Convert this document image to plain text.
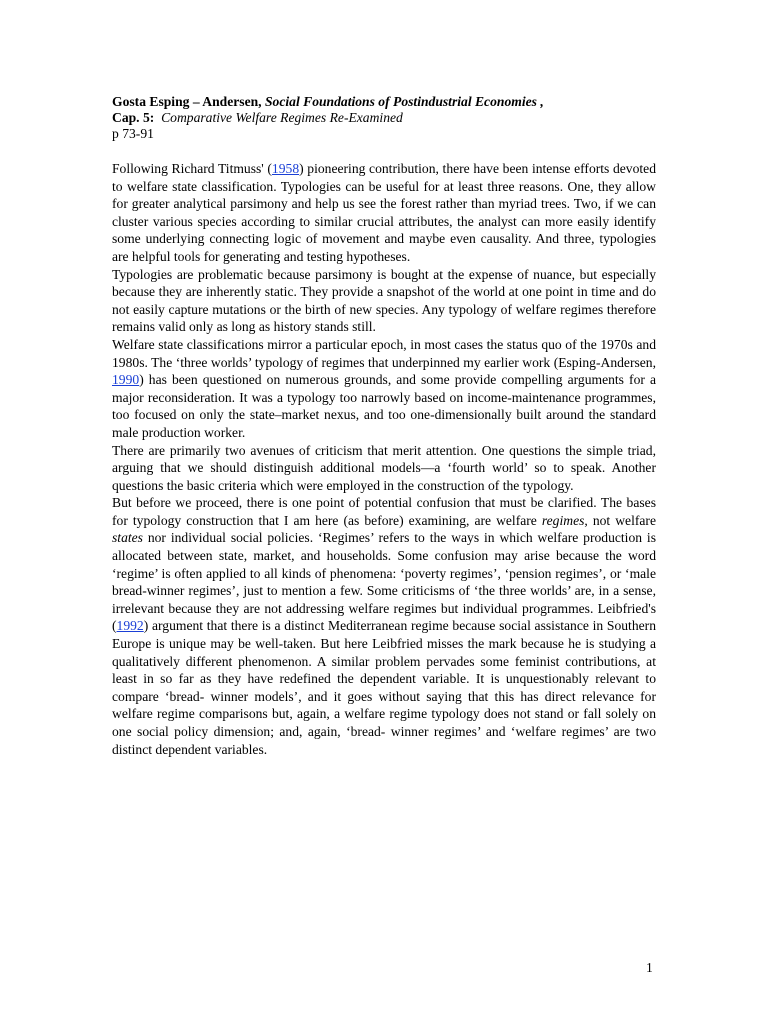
Gosta Esping – Andersen, Social Foundations of Postindustrial Economies ,
Cap. 5: Comparative Welfare Regimes Re-Examined
p 73-91

Following Richard Titmuss' (1958) pioneering contribution, there have been intense efforts devoted to welfare state classification. Typologies can be useful for at least three reasons. One, they allow for greater analytical parsimony and help us see the forest rather than myriad trees. Two, if we can cluster various species according to similar crucial attributes, the analyst can more easily identify some underlying connecting logic of movement and maybe even causality. And three, typologies are helpful tools for generating and testing hypotheses.

Typologies are problematic because parsimony is bought at the expense of nuance, but especially because they are inherently static. They provide a snapshot of the world at one point in time and do not easily capture mutations or the birth of new species. Any typology of welfare regimes therefore remains valid only as long as history stands still.

Welfare state classifications mirror a particular epoch, in most cases the status quo of the 1970s and 1980s. The ‘three worlds’ typology of regimes that underpinned my earlier work (Esping-Andersen, 1990) has been questioned on numerous grounds, and some provide compelling arguments for a major reconsideration. It was a typology too narrowly based on income-maintenance programmes, too focused on only the state–market nexus, and too one-dimensionally built around the standard male production worker.

There are primarily two avenues of criticism that merit attention. One questions the simple triad, arguing that we should distinguish additional models—a ‘fourth world’ so to speak. Another questions the basic criteria which were employed in the construction of the typology.

But before we proceed, there is one point of potential confusion that must be clarified. The bases for typology construction that I am here (as before) examining, are welfare regimes, not welfare states nor individual social policies. ‘Regimes’ refers to the ways in which welfare production is allocated between state, market, and households. Some confusion may arise because the word ‘regime’ is often applied to all kinds of phenomena: ‘poverty regimes’, ‘pension regimes’, or ‘male bread-winner regimes’, just to mention a few. Some criticisms of ‘the three worlds’ are, in a sense, irrelevant because they are not addressing welfare regimes but individual programmes. Leibfried's (1992) argument that there is a distinct Mediterranean regime because social assistance in Southern Europe is unique may be well-taken. But here Leibfried misses the mark because he is studying a qualitatively different phenomenon. A similar problem pervades some feminist contributions, at least in so far as they have redefined the dependent variable. It is unquestionably relevant to compare ‘bread- winner models’, and it goes without saying that this has direct relevance for welfare regime comparisons but, again, a welfare regime typology does not stand or fall solely on one social policy dimension; and, again, ‘bread- winner regimes’ and ‘welfare regimes’ are two distinct dependent variables.

1
